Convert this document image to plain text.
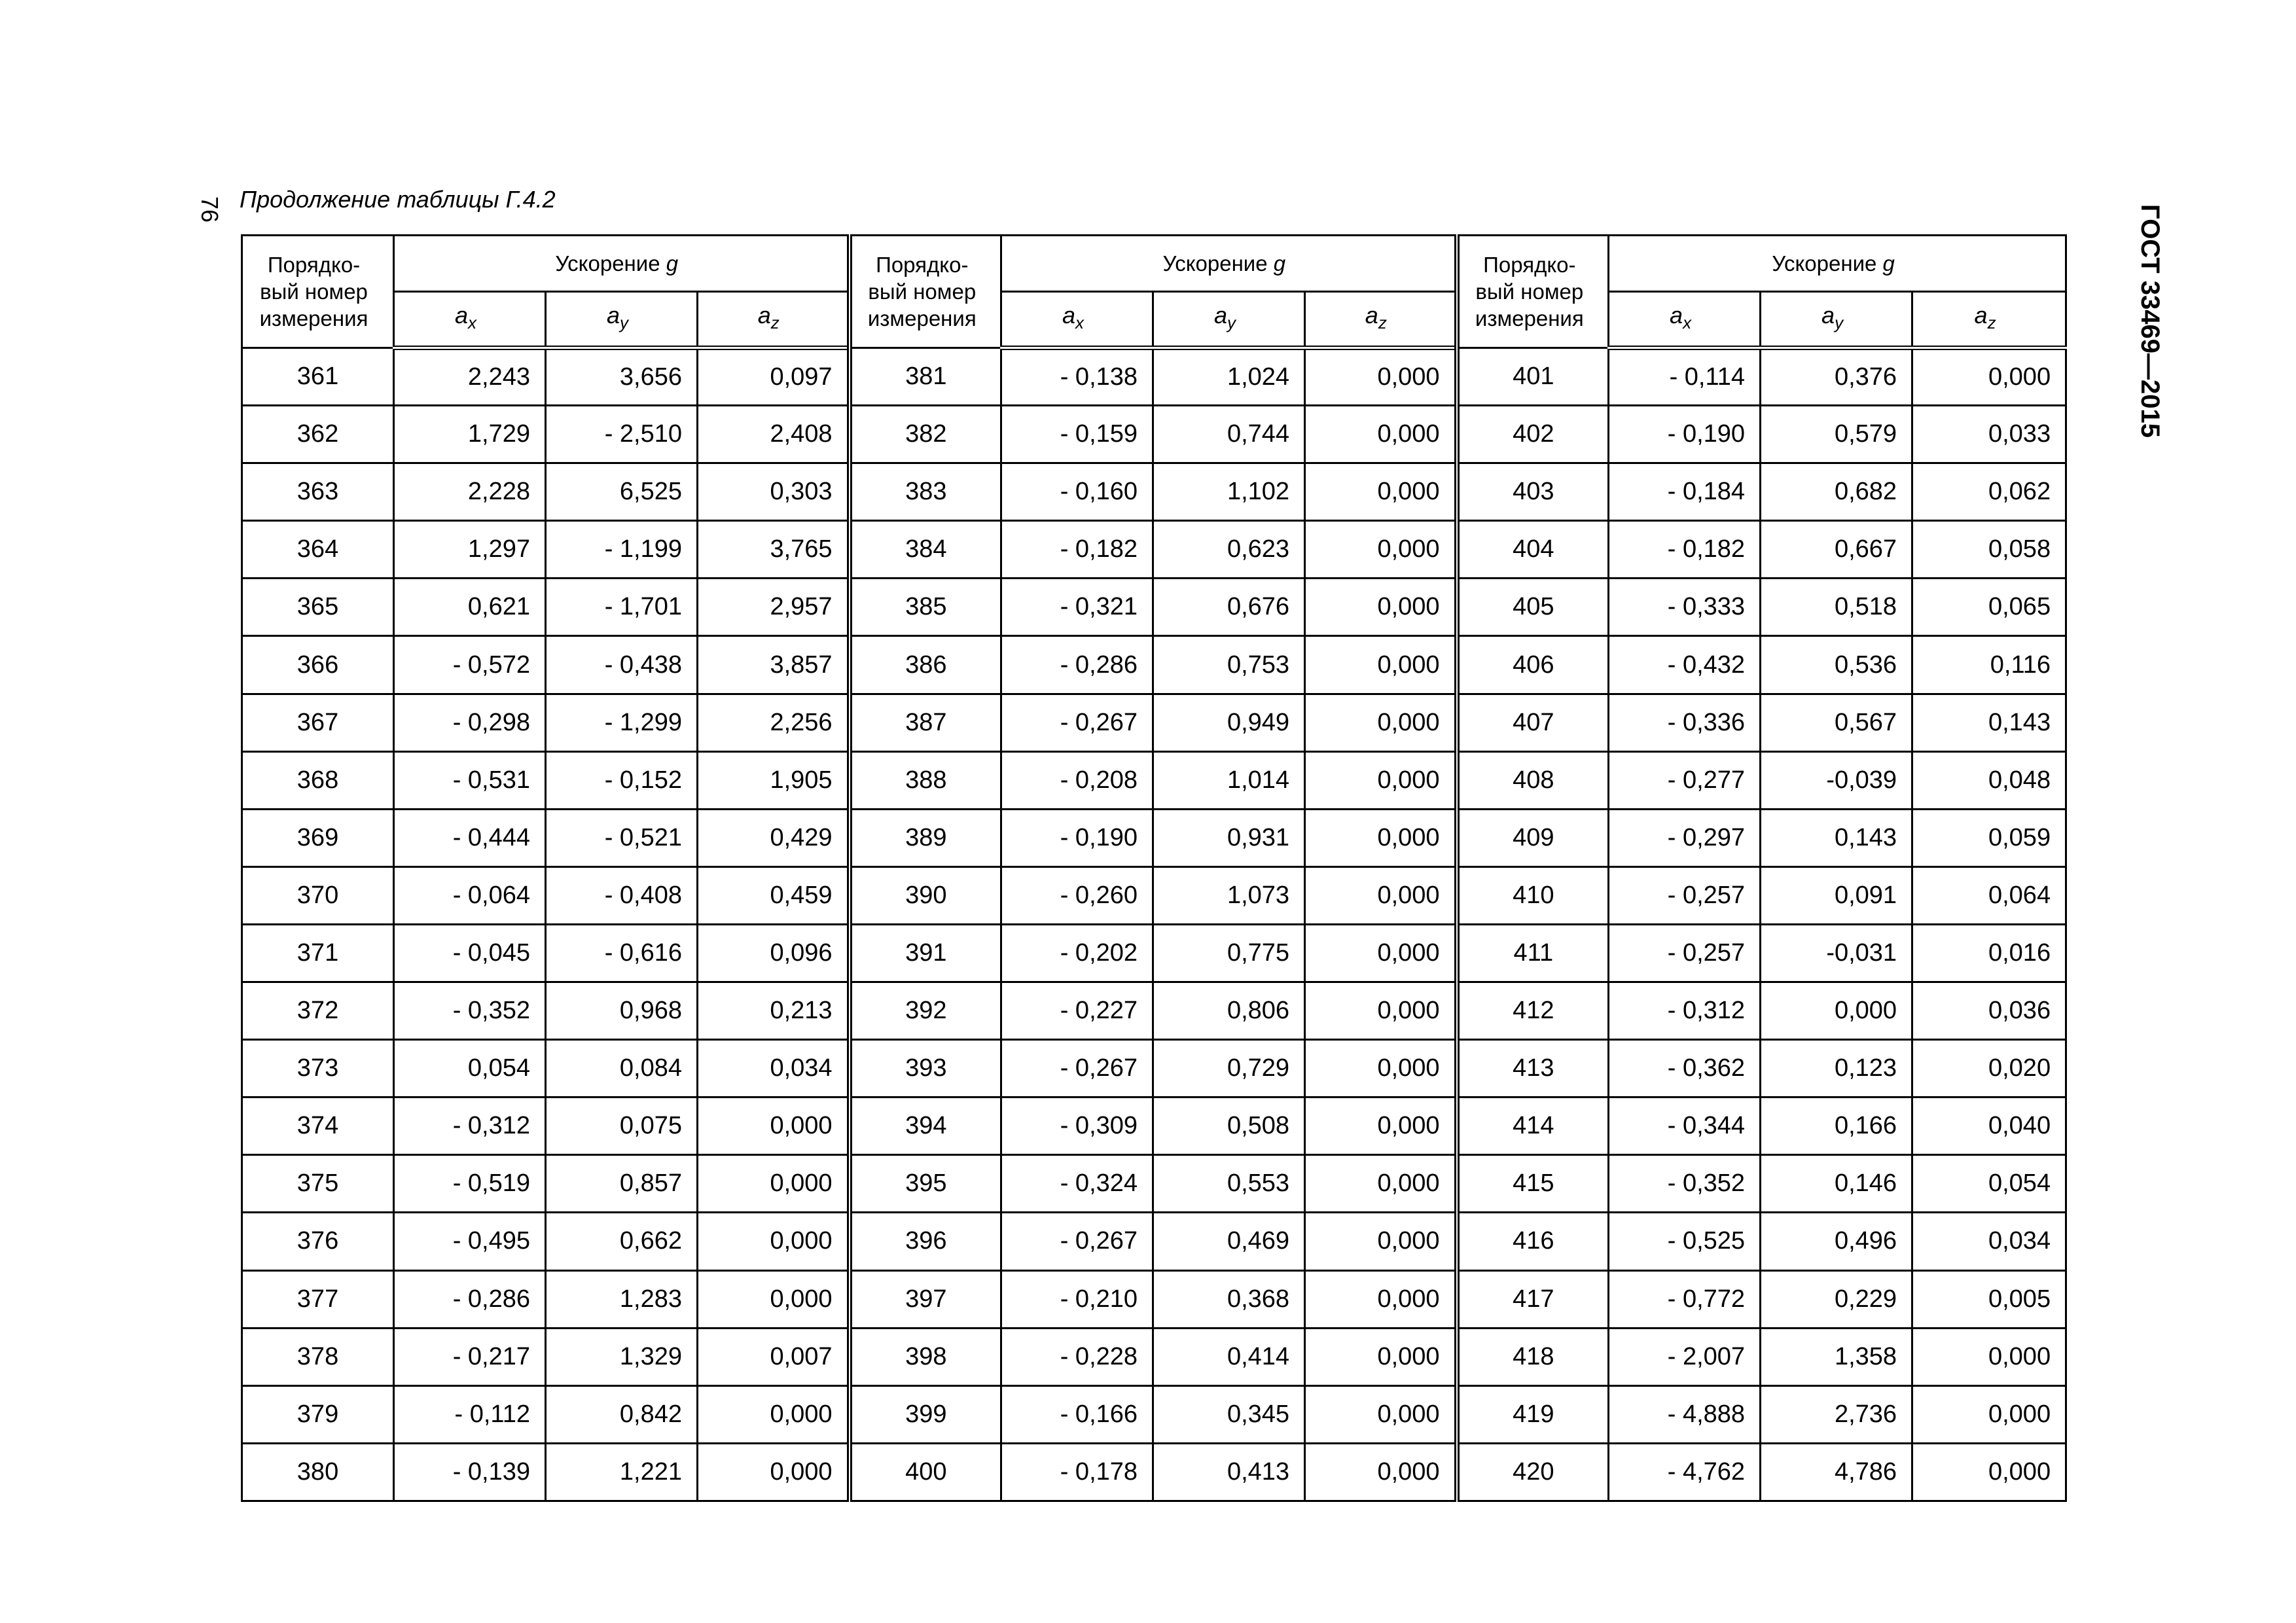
76 Продолжение таблицы Г.4.2
ГОСТ 33469—2015
Порядко-вый номер измерения	Ускорение g			Порядко-вый номер измерения	Ускорение g			Порядко-вый номер измерения	Ускорение g		
	$a_x$	$a_y$	$a_z$		$a_x$	$a_y$	$a_z$		$a_x$	$a_y$	$a_z$
361	2,243	3,656	0,097	381	- 0,138	1,024	0,000	401	- 0,114	0,376	0,000
362	1,729	- 2,510	2,408	382	- 0,159	0,744	0,000	402	- 0,190	0,579	0,033
363	2,228	6,525	0,303	383	- 0,160	1,102	0,000	403	- 0,184	0,682	0,062
364	1,297	- 1,199	3,765	384	- 0,182	0,623	0,000	404	- 0,182	0,667	0,058
365	0,621	- 1,701	2,957	385	- 0,321	0,676	0,000	405	- 0,333	0,518	0,065
366	- 0,572	- 0,438	3,857	386	- 0,286	0,753	0,000	406	- 0,432	0,536	0,116
367	- 0,298	- 1,299	2,256	387	- 0,267	0,949	0,000	407	- 0,336	0,567	0,143
368	- 0,531	- 0,152	1,905	388	- 0,208	1,014	0,000	408	- 0,277	-0,039	0,048
369	- 0,444	- 0,521	0,429	389	- 0,190	0,931	0,000	409	- 0,297	0,143	0,059
370	- 0,064	- 0,408	0,459	390	- 0,260	1,073	0,000	410	- 0,257	0,091	0,064
371	- 0,045	- 0,616	0,096	391	- 0,202	0,775	0,000	411	- 0,257	-0,031	0,016
372	- 0,352	0,968	0,213	392	- 0,227	0,806	0,000	412	- 0,312	0,000	0,036
373	0,054	0,084	0,034	393	- 0,267	0,729	0,000	413	- 0,362	0,123	0,020
374	- 0,312	0,075	0,000	394	- 0,309	0,508	0,000	414	- 0,344	0,166	0,040
375	- 0,519	0,857	0,000	395	- 0,324	0,553	0,000	415	- 0,352	0,146	0,054
376	- 0,495	0,662	0,000	396	- 0,267	0,469	0,000	416	- 0,525	0,496	0,034
377	- 0,286	1,283	0,000	397	- 0,210	0,368	0,000	417	- 0,772	0,229	0,005
378	- 0,217	1,329	0,007	398	- 0,228	0,414	0,000	418	- 2,007	1,358	0,000
379	- 0,112	0,842	0,000	399	- 0,166	0,345	0,000	419	- 4,888	2,736	0,000
380	- 0,139	1,221	0,000	400	- 0,178	0,413	0,000	420	- 4,762	4,786	0,000
